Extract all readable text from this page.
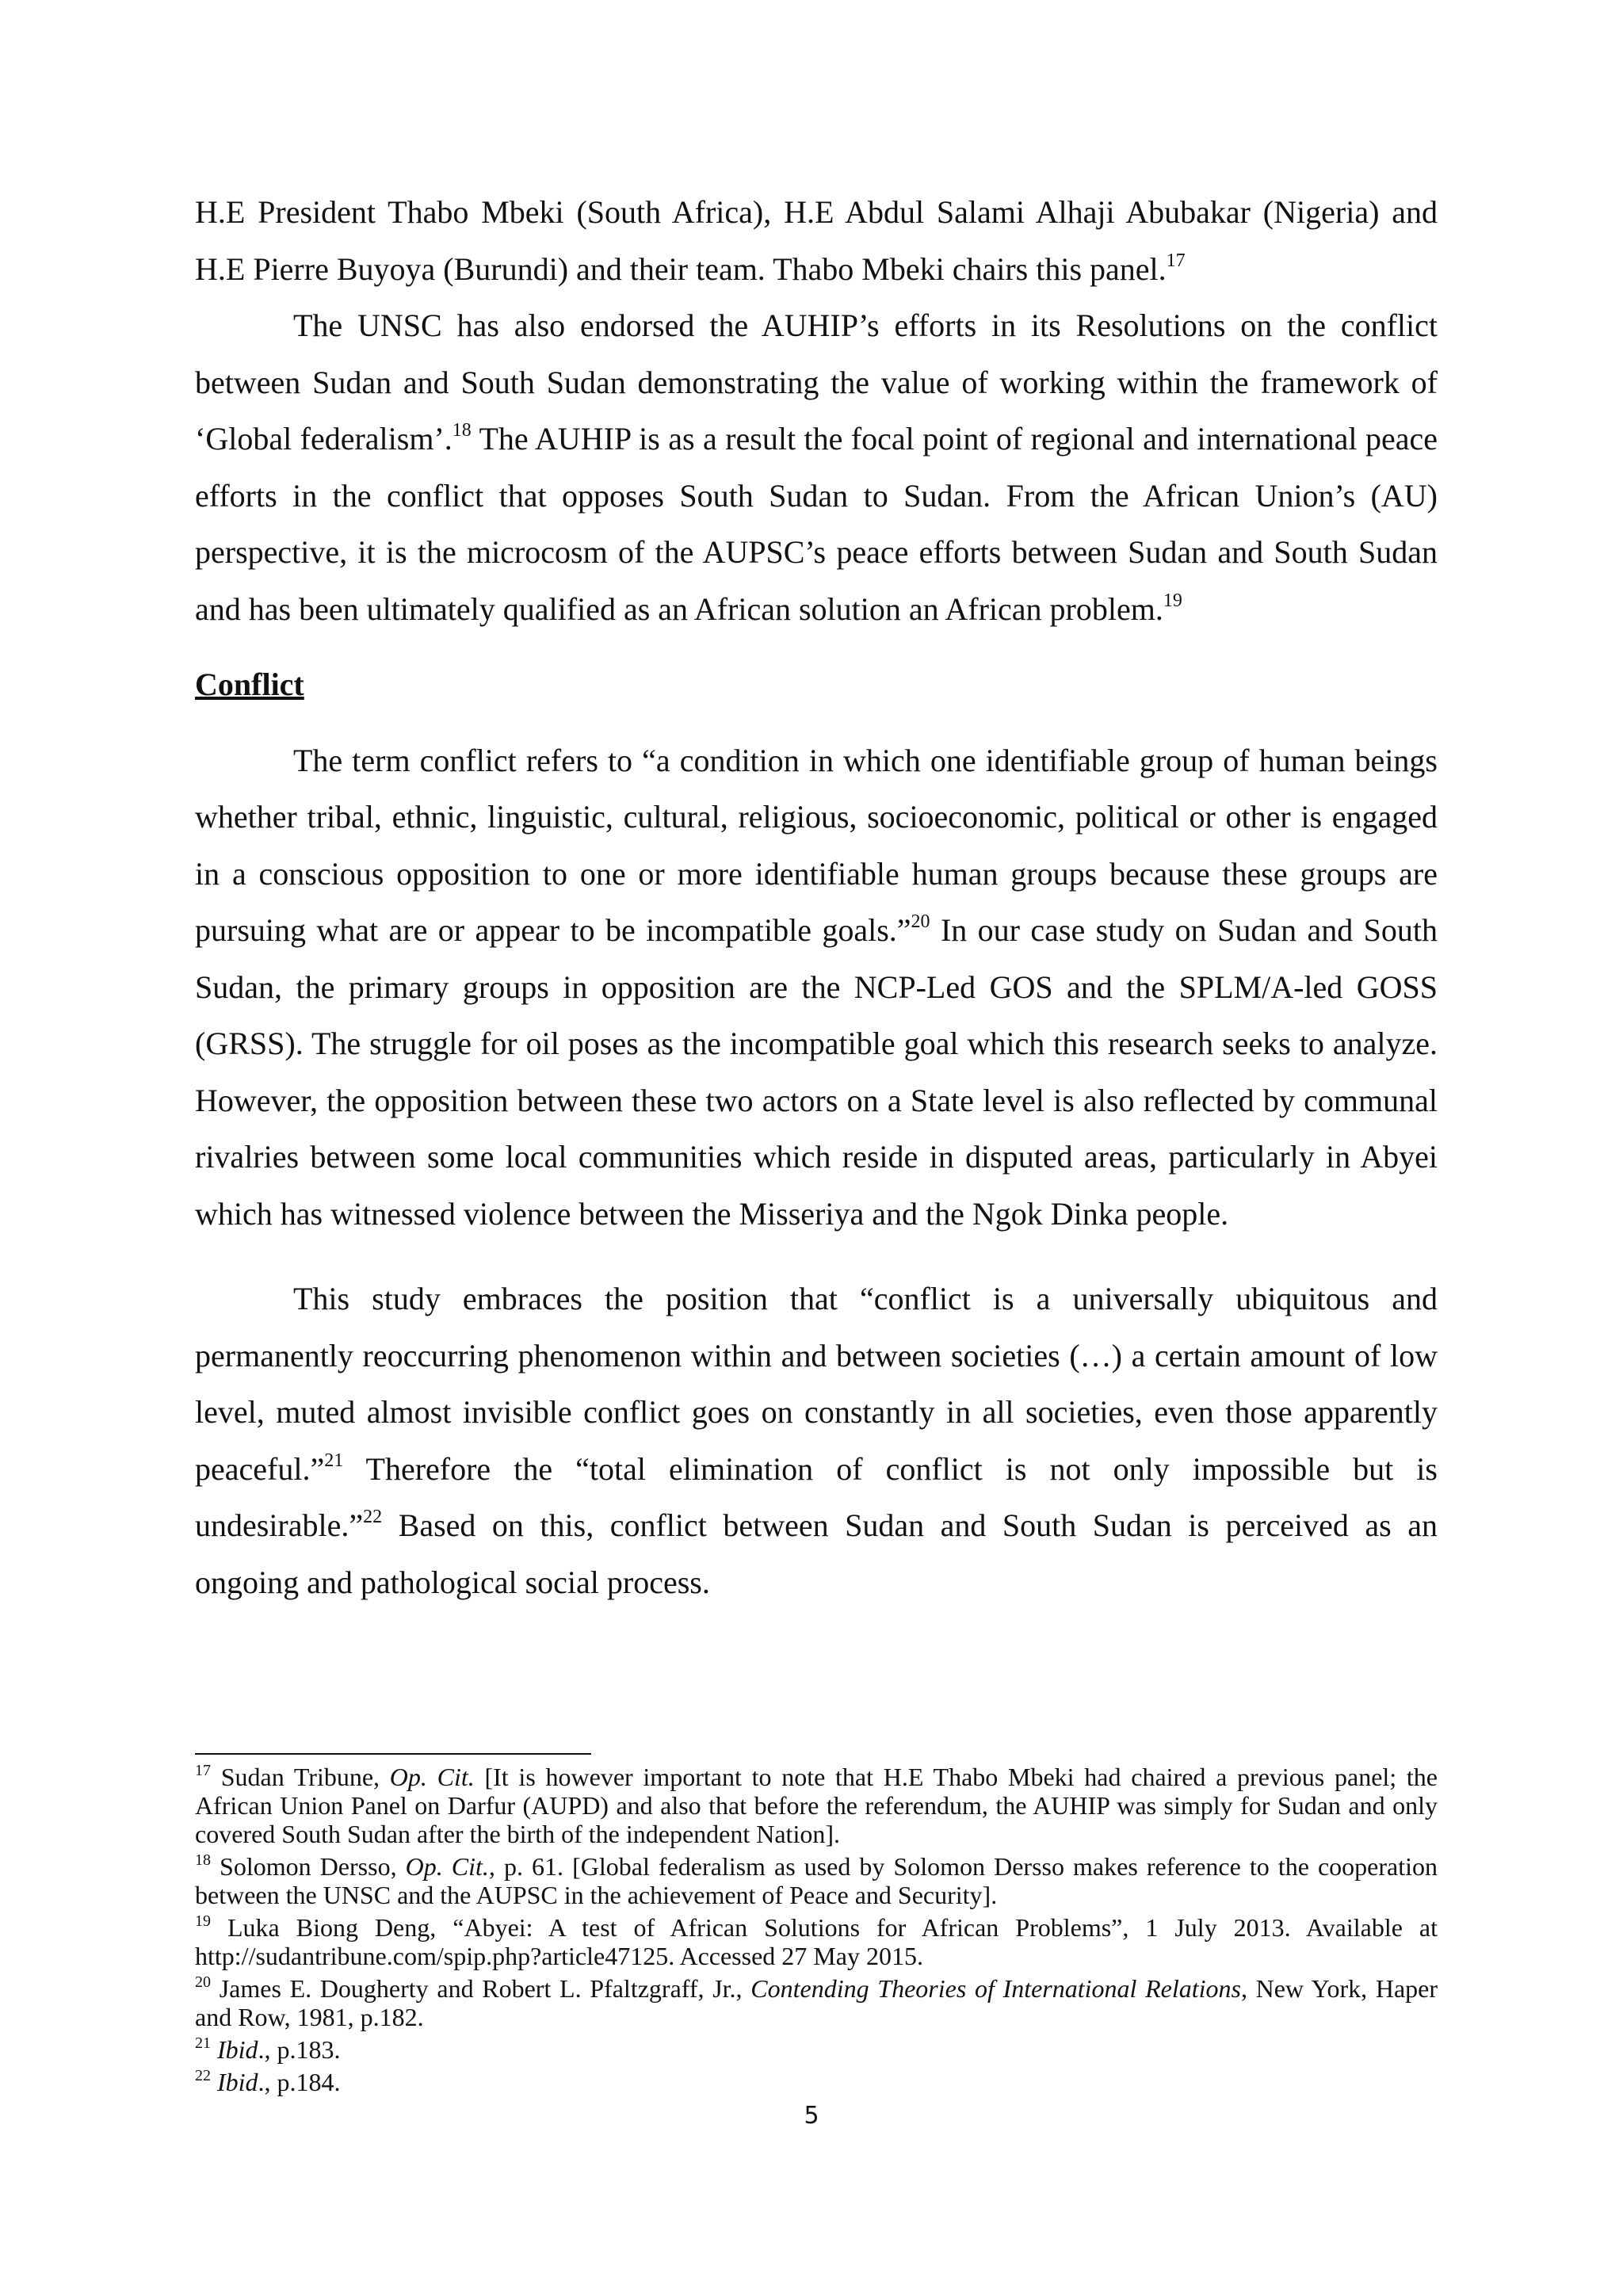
H.E President Thabo Mbeki (South Africa), H.E Abdul Salami Alhaji Abubakar (Nigeria) and H.E Pierre Buyoya (Burundi) and their team. Thabo Mbeki chairs this panel.$^{17}$

The UNSC has also endorsed the AUHIP’s efforts in its Resolutions on the conflict between Sudan and South Sudan demonstrating the value of working within the framework of ‘Global federalism’.$^{18}$ The AUHIP is as a result the focal point of regional and international peace efforts in the conflict that opposes South Sudan to Sudan. From the African Union’s (AU) perspective, it is the microcosm of the AUPSC’s peace efforts between Sudan and South Sudan and has been ultimately qualified as an African solution an African problem.$^{19}$

Conflict

The term conflict refers to “a condition in which one identifiable group of human beings whether tribal, ethnic, linguistic, cultural, religious, socioeconomic, political or other is engaged in a conscious opposition to one or more identifiable human groups because these groups are pursuing what are or appear to be incompatible goals.”$^{20}$ In our case study on Sudan and South Sudan, the primary groups in opposition are the NCP-Led GOS and the SPLM/A-led GOSS (GRSS). The struggle for oil poses as the incompatible goal which this research seeks to analyze. However, the opposition between these two actors on a State level is also reflected by communal rivalries between some local communities which reside in disputed areas, particularly in Abyei which has witnessed violence between the Misseriya and the Ngok Dinka people.

This study embraces the position that “conflict is a universally ubiquitous and permanently reoccurring phenomenon within and between societies (…) a certain amount of low level, muted almost invisible conflict goes on constantly in all societies, even those apparently peaceful.”$^{21}$ Therefore the “total elimination of conflict is not only impossible but is undesirable.”$^{22}$ Based on this, conflict between Sudan and South Sudan is perceived as an ongoing and pathological social process.

$^{17}$ Sudan Tribune, Op. Cit. [It is however important to note that H.E Thabo Mbeki had chaired a previous panel; the African Union Panel on Darfur (AUPD) and also that before the referendum, the AUHIP was simply for Sudan and only covered South Sudan after the birth of the independent Nation].

$^{18}$ Solomon Dersso, Op. Cit., p. 61. [Global federalism as used by Solomon Dersso makes reference to the cooperation between the UNSC and the AUPSC in the achievement of Peace and Security].

$^{19}$ Luka Biong Deng, “Abyei: A test of African Solutions for African Problems”, 1 July 2013. Available at http://sudantribune.com/spip.php?article47125. Accessed 27 May 2015.

$^{20}$ James E. Dougherty and Robert L. Pfaltzgraff, Jr., Contending Theories of International Relations, New York, Haper and Row, 1981, p.182.

$^{21}$ Ibid., p.183.

$^{22}$ Ibid., p.184.

5
